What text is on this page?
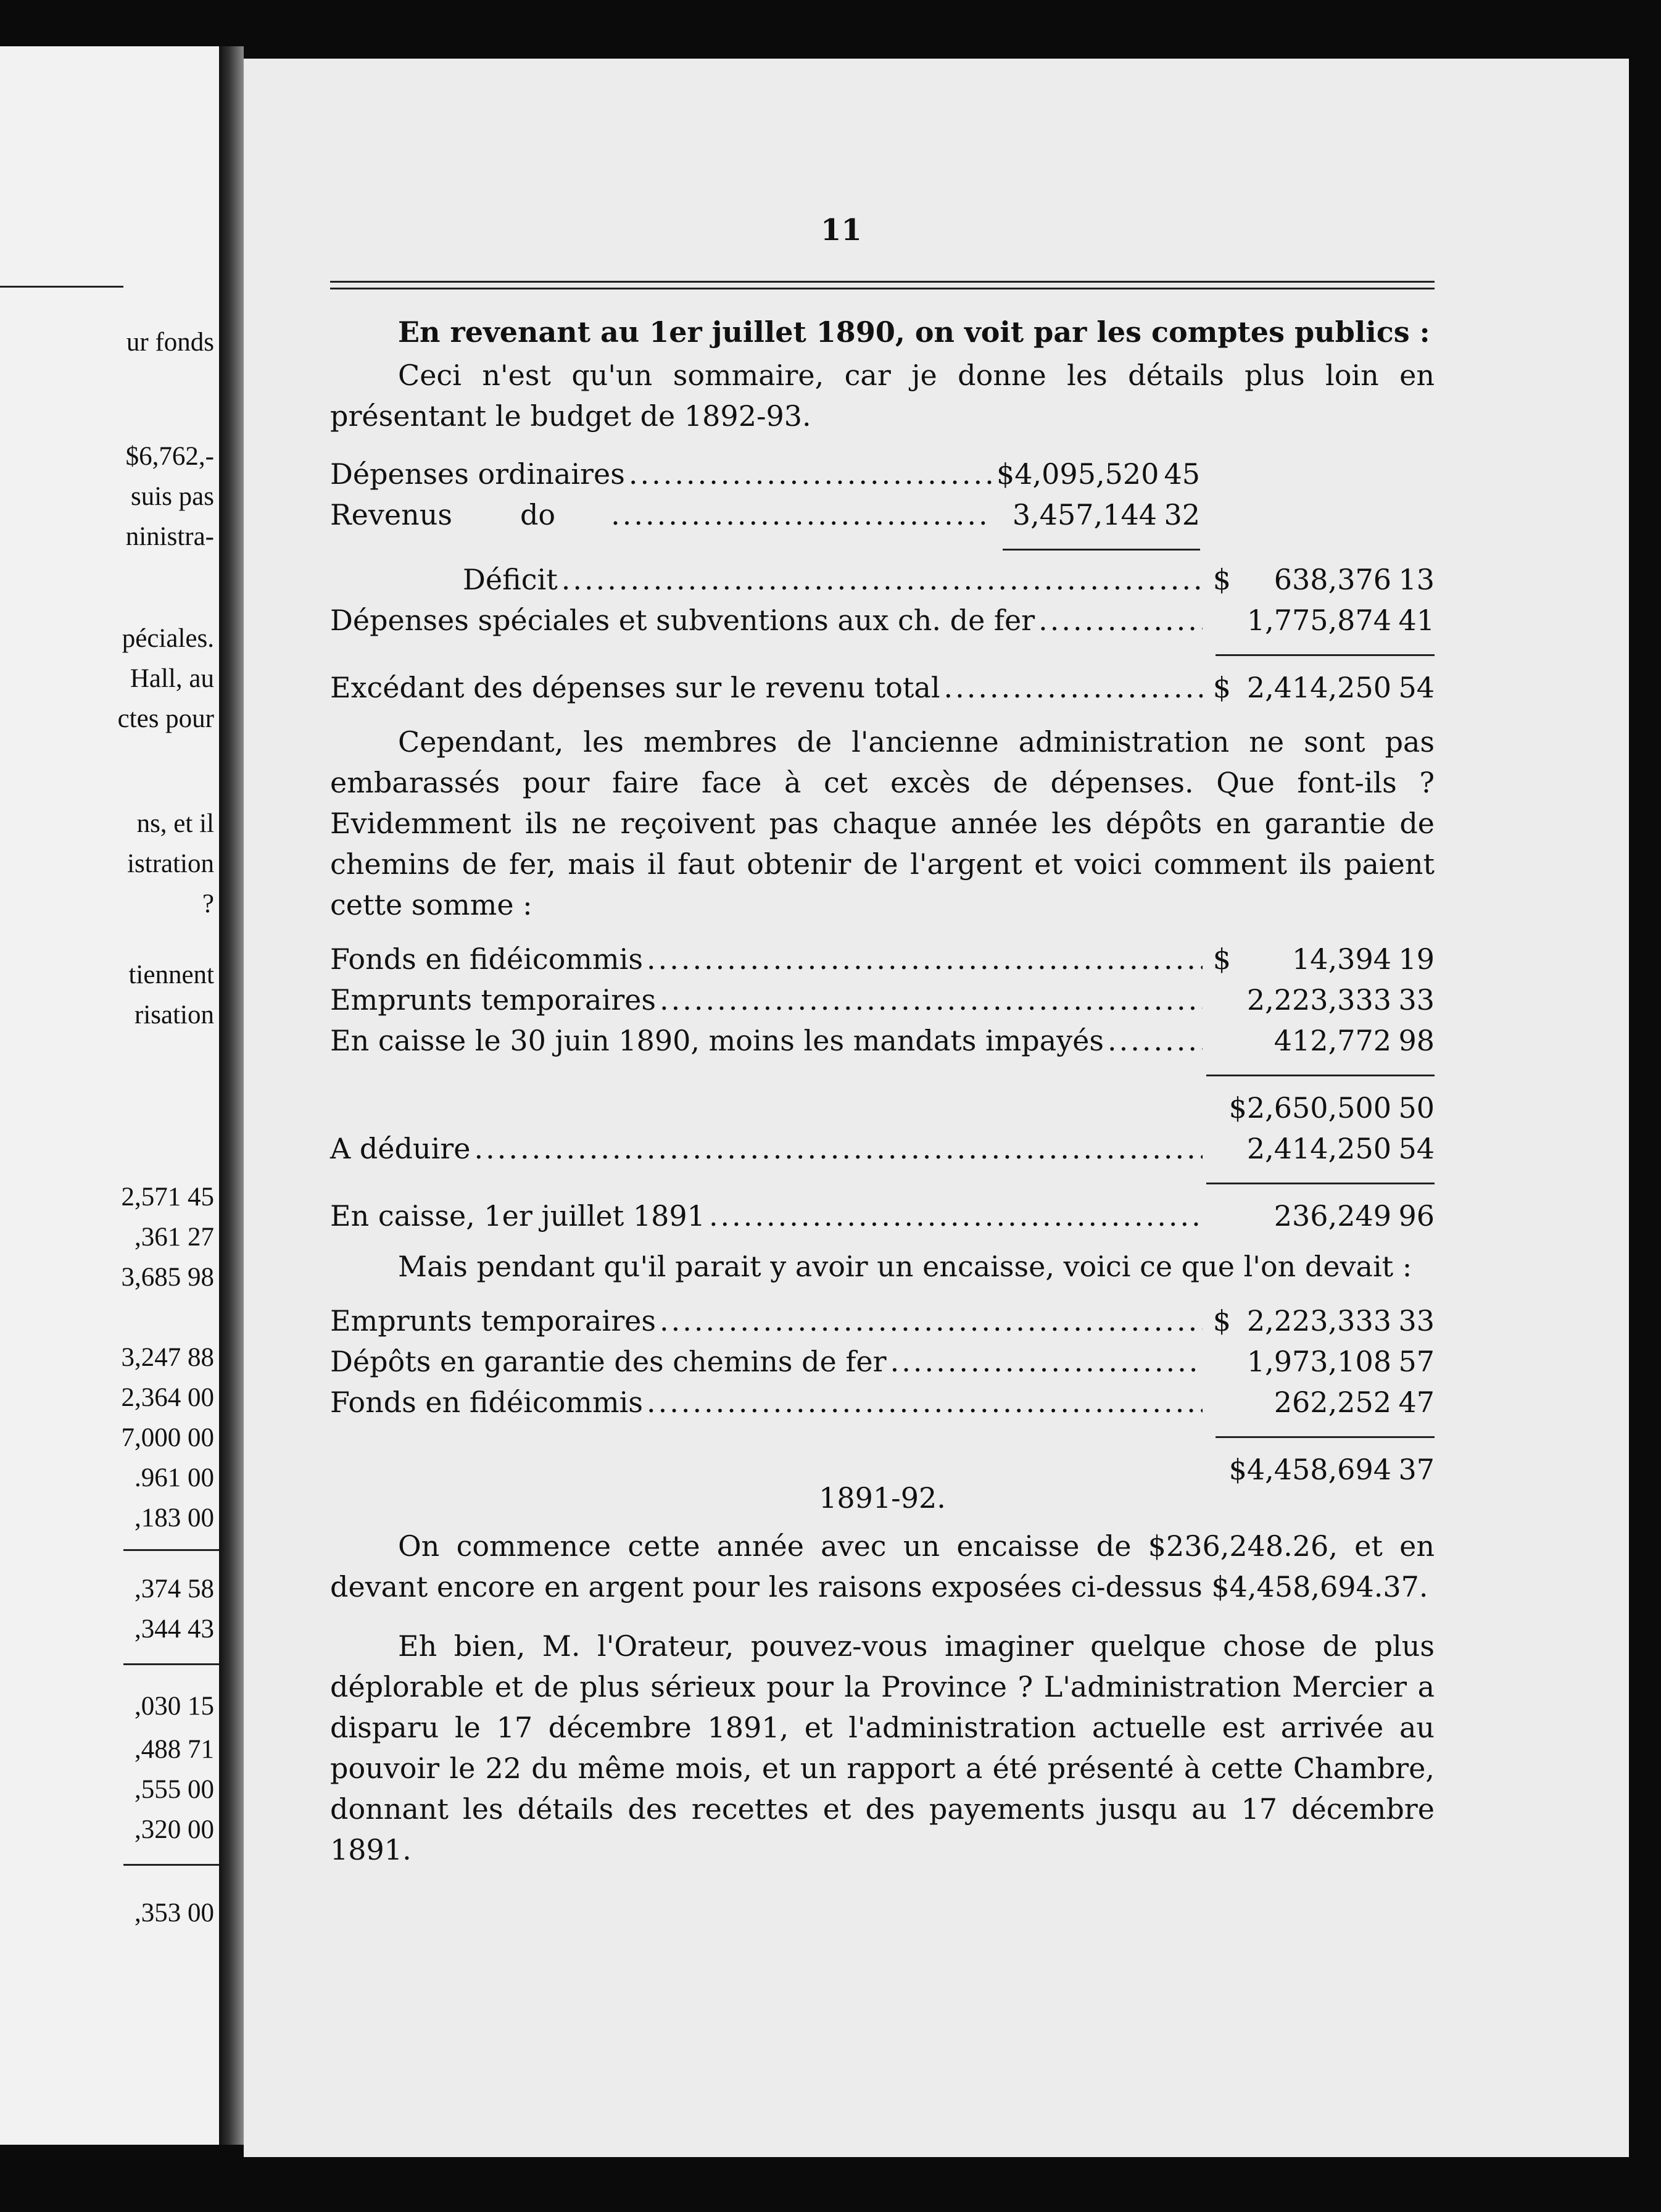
ur fonds
$6,762,-
suis pas
ninistra-
péciales.
Hall, au
ctes pour
ns, et il
istration
?
tiennent
risation
2,571 45
,361 27
3,685 98
3,247 88
2,364 00
7,000 00
.961 00
,183 00
,374 58
,344 43
,030 15
,488 71
,555 00
,320 00
,353 00
11

En revenant au 1er juillet 1890, on voit par les comptes publics :

Ceci n'est qu'un sommaire, car je donne les détails plus loin en présentant le budget de 1892-93.

Dépenses ordinaires .....	$4,095,520 45
Revenus do .....	3,457,144 32
Déficit .....	$	638,376 13
Dépenses spéciales et subventions aux ch. de fer .....	1,775,874 41
Excédant des dépenses sur le revenu total .....	$ 2,414,250 54

Cependant, les membres de l'ancienne administration ne sont pas embarassés pour faire face à cet excès de dépenses. Que font-ils ? Evidemment ils ne reçoivent pas chaque année les dépôts en garantie de chemins de fer, mais il faut obtenir de l'argent et voici comment ils paient cette somme :

Fonds en fidéicommis .....	$	14,394 19
Emprunts temporaires .....	2,223,333 33
En caisse le 30 juin 1890, moins les mandats impayés .....	412,772 98
$2,650,500 50
A déduire .....	2,414,250 54
En caisse, 1er juillet 1891 .....	236,249 96

Mais pendant qu'il parait y avoir un encaisse, voici ce que l'on devait :

Emprunts temporaires .....	$ 2,223,333 33
Dépôts en garantie des chemins de fer .....	1,973,108 57
Fonds en fidéicommis .....	262,252 47
$4,458,694 37
1891-92.

On commence cette année avec un encaisse de $236,248.26, et en devant encore en argent pour les raisons exposées ci-dessus $4,458,694.37.

Eh bien, M. l'Orateur, pouvez-vous imaginer quelque chose de plus déplorable et de plus sérieux pour la Province ? L'administration Mercier a disparu le 17 décembre 1891, et l'administration actuelle est arrivée au pouvoir le 22 du même mois, et un rapport a été présenté à cette Chambre, donnant les détails des recettes et des payements jusqu au 17 décembre 1891.
